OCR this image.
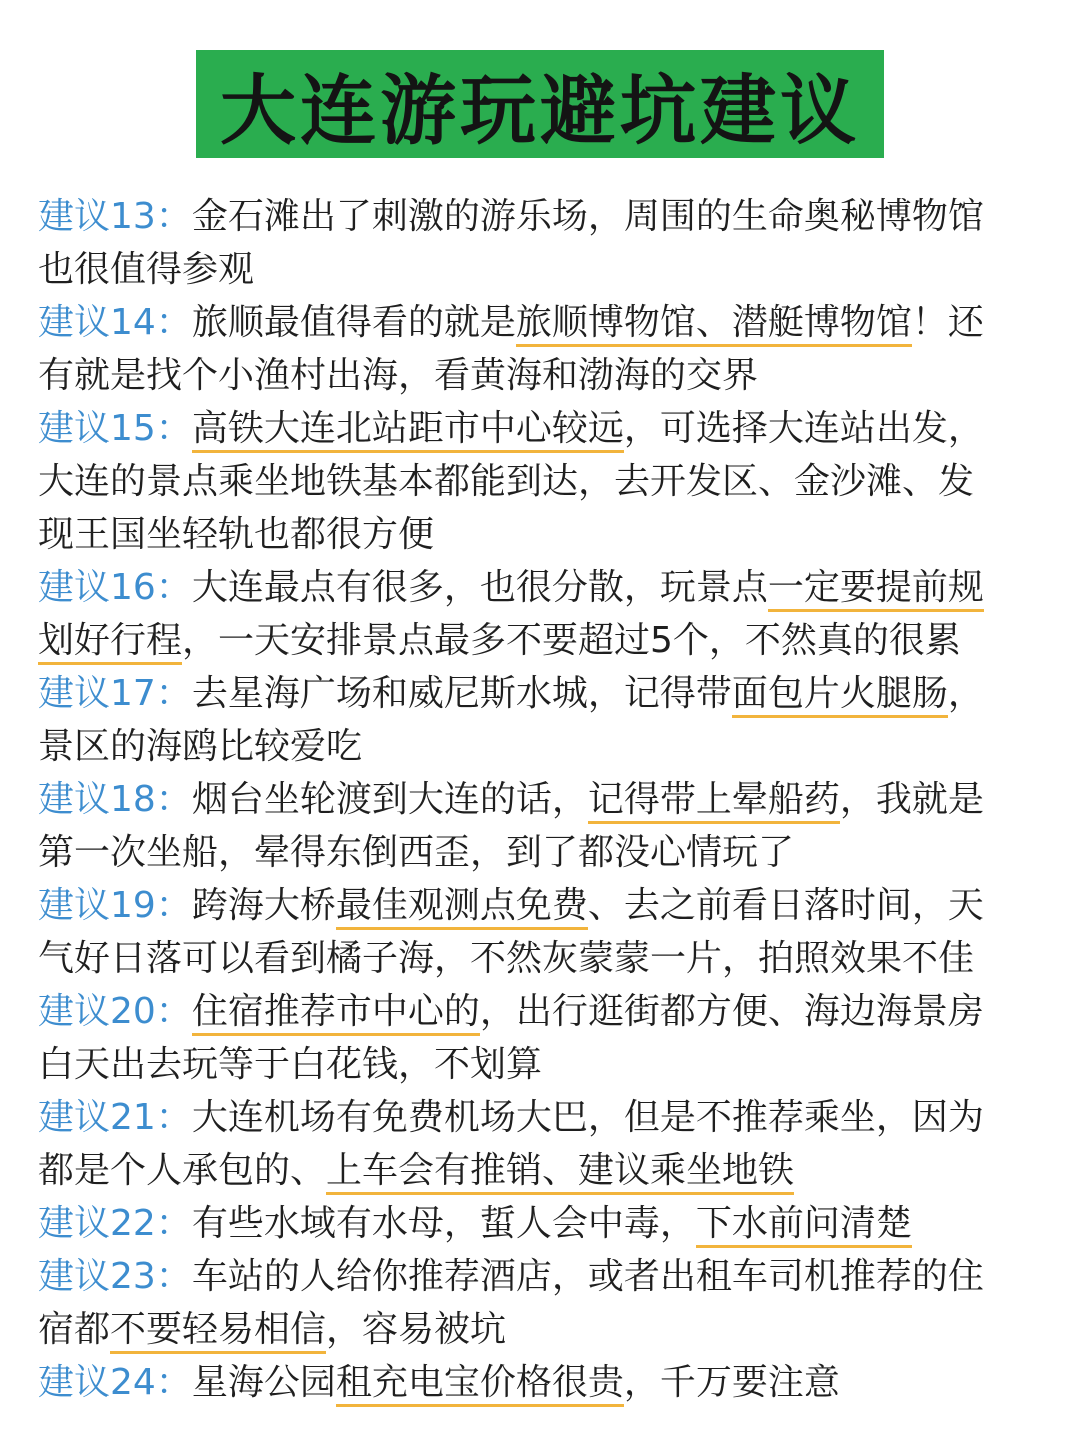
大连游玩避坑建议
建议13：金石滩出了刺激的游乐场，周围的生命奥秘博物馆
也很值得参观
建议14：旅顺最值得看的就是旅顺博物馆、潜艇博物馆！还
有就是找个小渔村出海，看黄海和渤海的交界
建议15：高铁大连北站距市中心较远，可选择大连站出发，
大连的景点乘坐地铁基本都能到达，去开发区、金沙滩、发
现王国坐轻轨也都很方便
建议16：大连最点有很多，也很分散，玩景点一定要提前规
划好行程，一天安排景点最多不要超过5个，不然真的很累
建议17：去星海广场和威尼斯水城，记得带面包片火腿肠，
景区的海鸥比较爱吃
建议18：烟台坐轮渡到大连的话，记得带上晕船药，我就是
第一次坐船，晕得东倒西歪，到了都没心情玩了
建议19：跨海大桥最佳观测点免费、去之前看日落时间，天
气好日落可以看到橘子海，不然灰蒙蒙一片，拍照效果不佳
建议20：住宿推荐市中心的，出行逛街都方便、海边海景房
白天出去玩等于白花钱，不划算
建议21：大连机场有免费机场大巴，但是不推荐乘坐，因为
都是个人承包的、上车会有推销、建议乘坐地铁
建议22：有些水域有水母，蜇人会中毒，下水前问清楚
建议23：车站的人给你推荐酒店，或者出租车司机推荐的住
宿都不要轻易相信，容易被坑
建议24：星海公园租充电宝价格很贵，千万要注意
